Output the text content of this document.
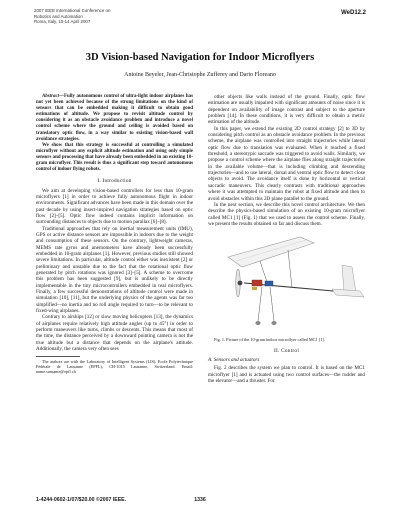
2007 IEEE International Conference on
Robotics and Automation
Roma, Italy, 10-14 April 2007
WeD12.2
3D Vision-based Navigation for Indoor Microflyers
Antoine Beyeler, Jean-Christophe Zufferey and Dario Floreano

Abstract—Fully autonomous control of ultra-light indoor airplanes has not yet been achieved because of the strong limitations on the kind of sensors that can be embedded making it difficult to obtain good estimations of altitude. We propose to revisit altitude control by considering it as an obstacle avoidance problem and introduce a novel control scheme where the ground and ceiling is avoided based on translatory optic flow, in a way similar to existing vision-based wall avoidance strategies.

We show that this strategy is successful at controlling a simulated microflyer without any explicit altitude estimation and using only simple sensors and processing that have already been embedded in an existing 10-gram microflyer. This result is thus a significant step toward autonomous control of indoor flying robots.

I. Introduction

We aim at developing vision-based controllers for less than 10-gram microflyers [1] in order to achieve fully autonomous flight in indoor environments. Significant advances have been made in this domain over the past decade by using insect-inspired navigation strategies based on optic flow [2]–[5]. Optic flow indeed contains implicit information on surrounding distances to objects due to motion parallax [6]–[8].

Traditional approaches that rely on inertial measurement units (IMU), GPS or active distance sensors are impossible in indoors due to the weight and consumption of these sensors. On the contrary, lightweight cameras, MEMS rate gyros and anemometers have already been successfully embedded in 10-gram airplanes [1]. However, previous studies still showed severe limitations. In particular, altitude control either was inexistent [2] or preliminary and unstable due to the fact that the rotational optic flow generated by pitch rotations was ignored [3]–[5]. A scheme to overcome this problem has been suggested [9], but is unlikely to be directly implementable in the tiny microcontrollers embedded in real microflyers. Finally, a few successful demonstrations of altitude control were made in simulation [10], [11], but the underlying physics of the agents was far too simplified—no inertia and no roll angle required to turn—to be relevant to fixed-wing airplanes.

Contrary to airships [12] or slow moving helicopters [13], the dynamics of airplanes require relatively high attitude angles (up to 45°) in order to perform maneuvers like turns, climbs or descents. This means that most of the time, the distance perceived by a downward pointing camera is not the true altitude but a distance that depends on the airplane's attitude. Additionally, the camera very often sees

The authors are with the Laboratory of Intelligent Systems (LIS), Ecole Polytechnique Fédérale de Lausanne (EPFL), CH-1015 Lausanne, Switzerland. Email: name.surname@epfl.ch

other objects like walls instead of the ground. Finally, optic flow estimation are usually impaired with significant amounts of noise since it is dependent on availability of image contrast and subject to the aperture problem [14]. In these conditions, it is very difficult to obtain a metric estimation of the altitude.

In this paper, we extend the existing 2D control strategy [2] to 3D by considering pitch control as an obstacle avoidance problem. In the previous scheme, the airplane was controlled into straight trajectories while lateral optic flow due to translation was evaluated. When it reached a fixed threshold, a stereotypic saccade was triggered to avoid walls. Similarly, we propose a control scheme where the airplane flies along straight trajectories in the available volume—that is including climbing and descending trajectories—and to use lateral, dorsal and ventral optic flow to detect close objects to avoid. The avoidance itself is done by horizontal or vertical saccadic maneuvers. This clearly contrasts with traditional approaches where it was attempted to maintain the robot at fixed altitude and then to avoid obstacles within this 2D plane parallel to the ground.

In the next section, we describe this novel control architecture. We then describe the physics-based simulation of an existing 10-gram microflyer called MC1 [1] (Fig. 1) that we used to assess the control scheme. Finally, we present the results obtained so far and discuss them.

Fig. 1. Picture of the 10-gram indoor microflyer called MC1 [1].

II. Control
A. Sensors and actuators

Fig. 2 describes the system we plan to control. It is based on the MC1 microflyer [1] and is actuated using two control surfaces—the rudder and the elevator—and a thruster. For

1-4244-0602-1/07/$20.00 ©2007 IEEE.	1336
